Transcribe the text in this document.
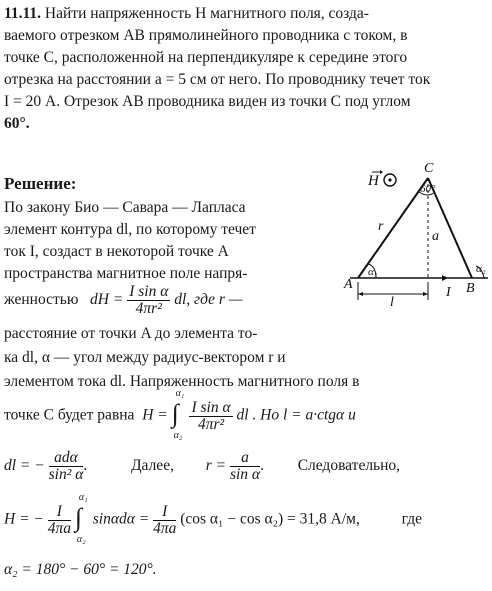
11.11. Найти напряженность H магнитного поля, созда-
ваемого отрезком AB прямолинейного проводника с током, в
точке C, расположенной на перпендикуляре к середине этого
отрезка на расстоянии a = 5 см от него. По проводнику течет ток
I = 20 А. Отрезок AB проводника виден из точки C под углом
60°.
Решение:
По закону Био — Савара — Лапласа
элемент контура dl, по которому течет
ток I, создаст в некоторой точке A
пространства магнитное поле напря-
женностью dH = $\frac{\text{I sin α}}{\text{4πr²}}$ dl, где r —
расстояние от точки A до элемента то-
ка dl, α — угол между радиус-вектором r и
элементом тока dl. Напряженность магнитного поля в
точке C будет равна H =
α₁
∫
α₂

$\frac{\text{I sin α}}{\text{4πr²}}$ dl . Но l = a·ctgα и
dl = − $\frac{\text{adα}}{\text{sin² α}}$ .	Далее, $r = \frac{a}{\text{sin α}}$ . Следовательно,
H = − $\frac{I}{4\pi a}$

α₁
∫
α₂
$\sin\alpha d\alpha = \frac{I}{4\pi a} (\cos$ α₁ − cos α₂) = 31,8 А/м,	где
α₂ = 180° − 60° = 120°.
H
C
60°
r
a
α₁	α₂
I
A	B
l
